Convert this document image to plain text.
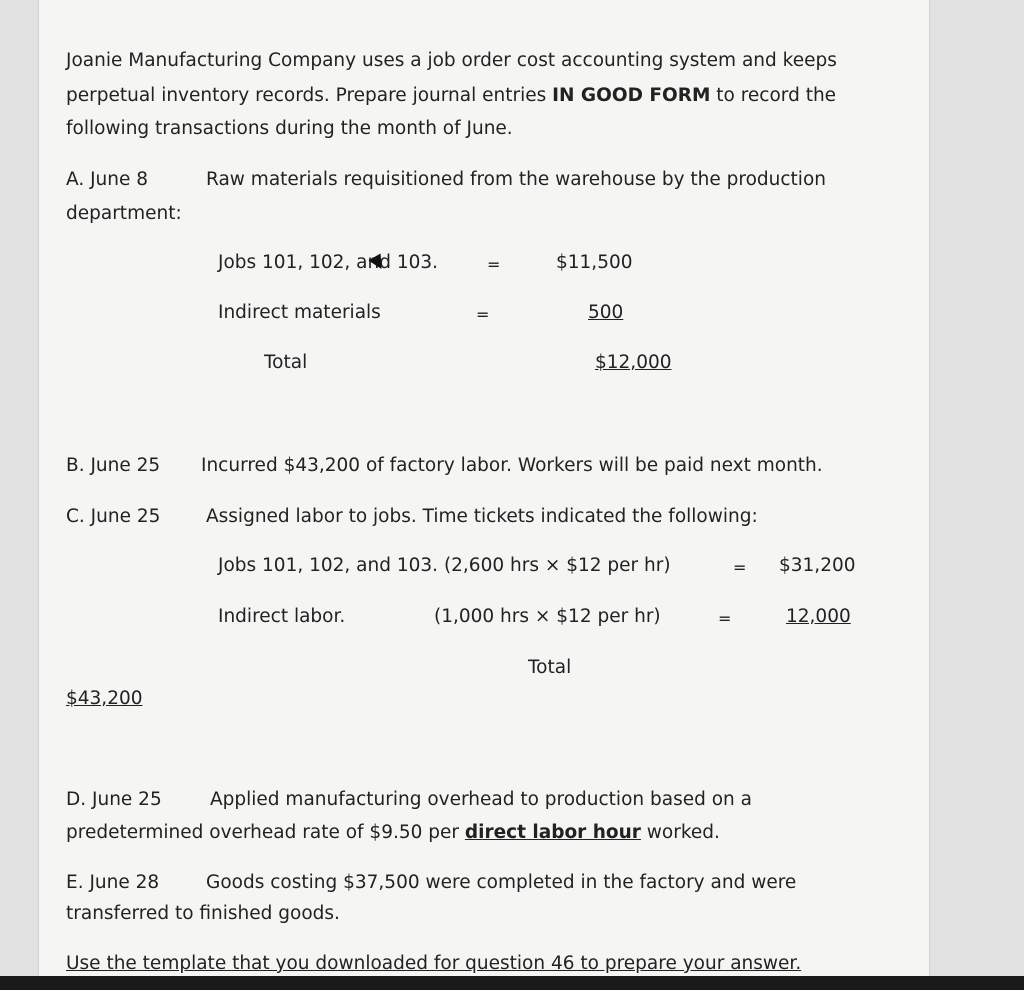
Joanie Manufacturing Company uses a job order cost accounting system and keeps
perpetual inventory records. Prepare journal entries IN GOOD FORM to record the
following transactions during the month of June.
A. June 8	Raw materials requisitioned from the warehouse by the production
department:
Jobs 101, 102, and 103.	=	$11,500
Indirect materials	=	500
Total	$12,000
B. June 25 Incurred $43,200 of factory labor. Workers will be paid next month.
C. June 25 Assigned labor to jobs. Time tickets indicated the following:
Jobs 101, 102, and 103. (2,600 hrs × $12 per hr)	= $31,200
Indirect labor.	(1,000 hrs × $12 per hr)	=	12,000
Total
$43,200
D. June 25	Applied manufacturing overhead to production based on a
predetermined overhead rate of $9.50 per direct labor hour worked.
E. June 28	Goods costing $37,500 were completed in the factory and were
transferred to finished goods.
Use the template that you downloaded for question 46 to prepare your answer.
